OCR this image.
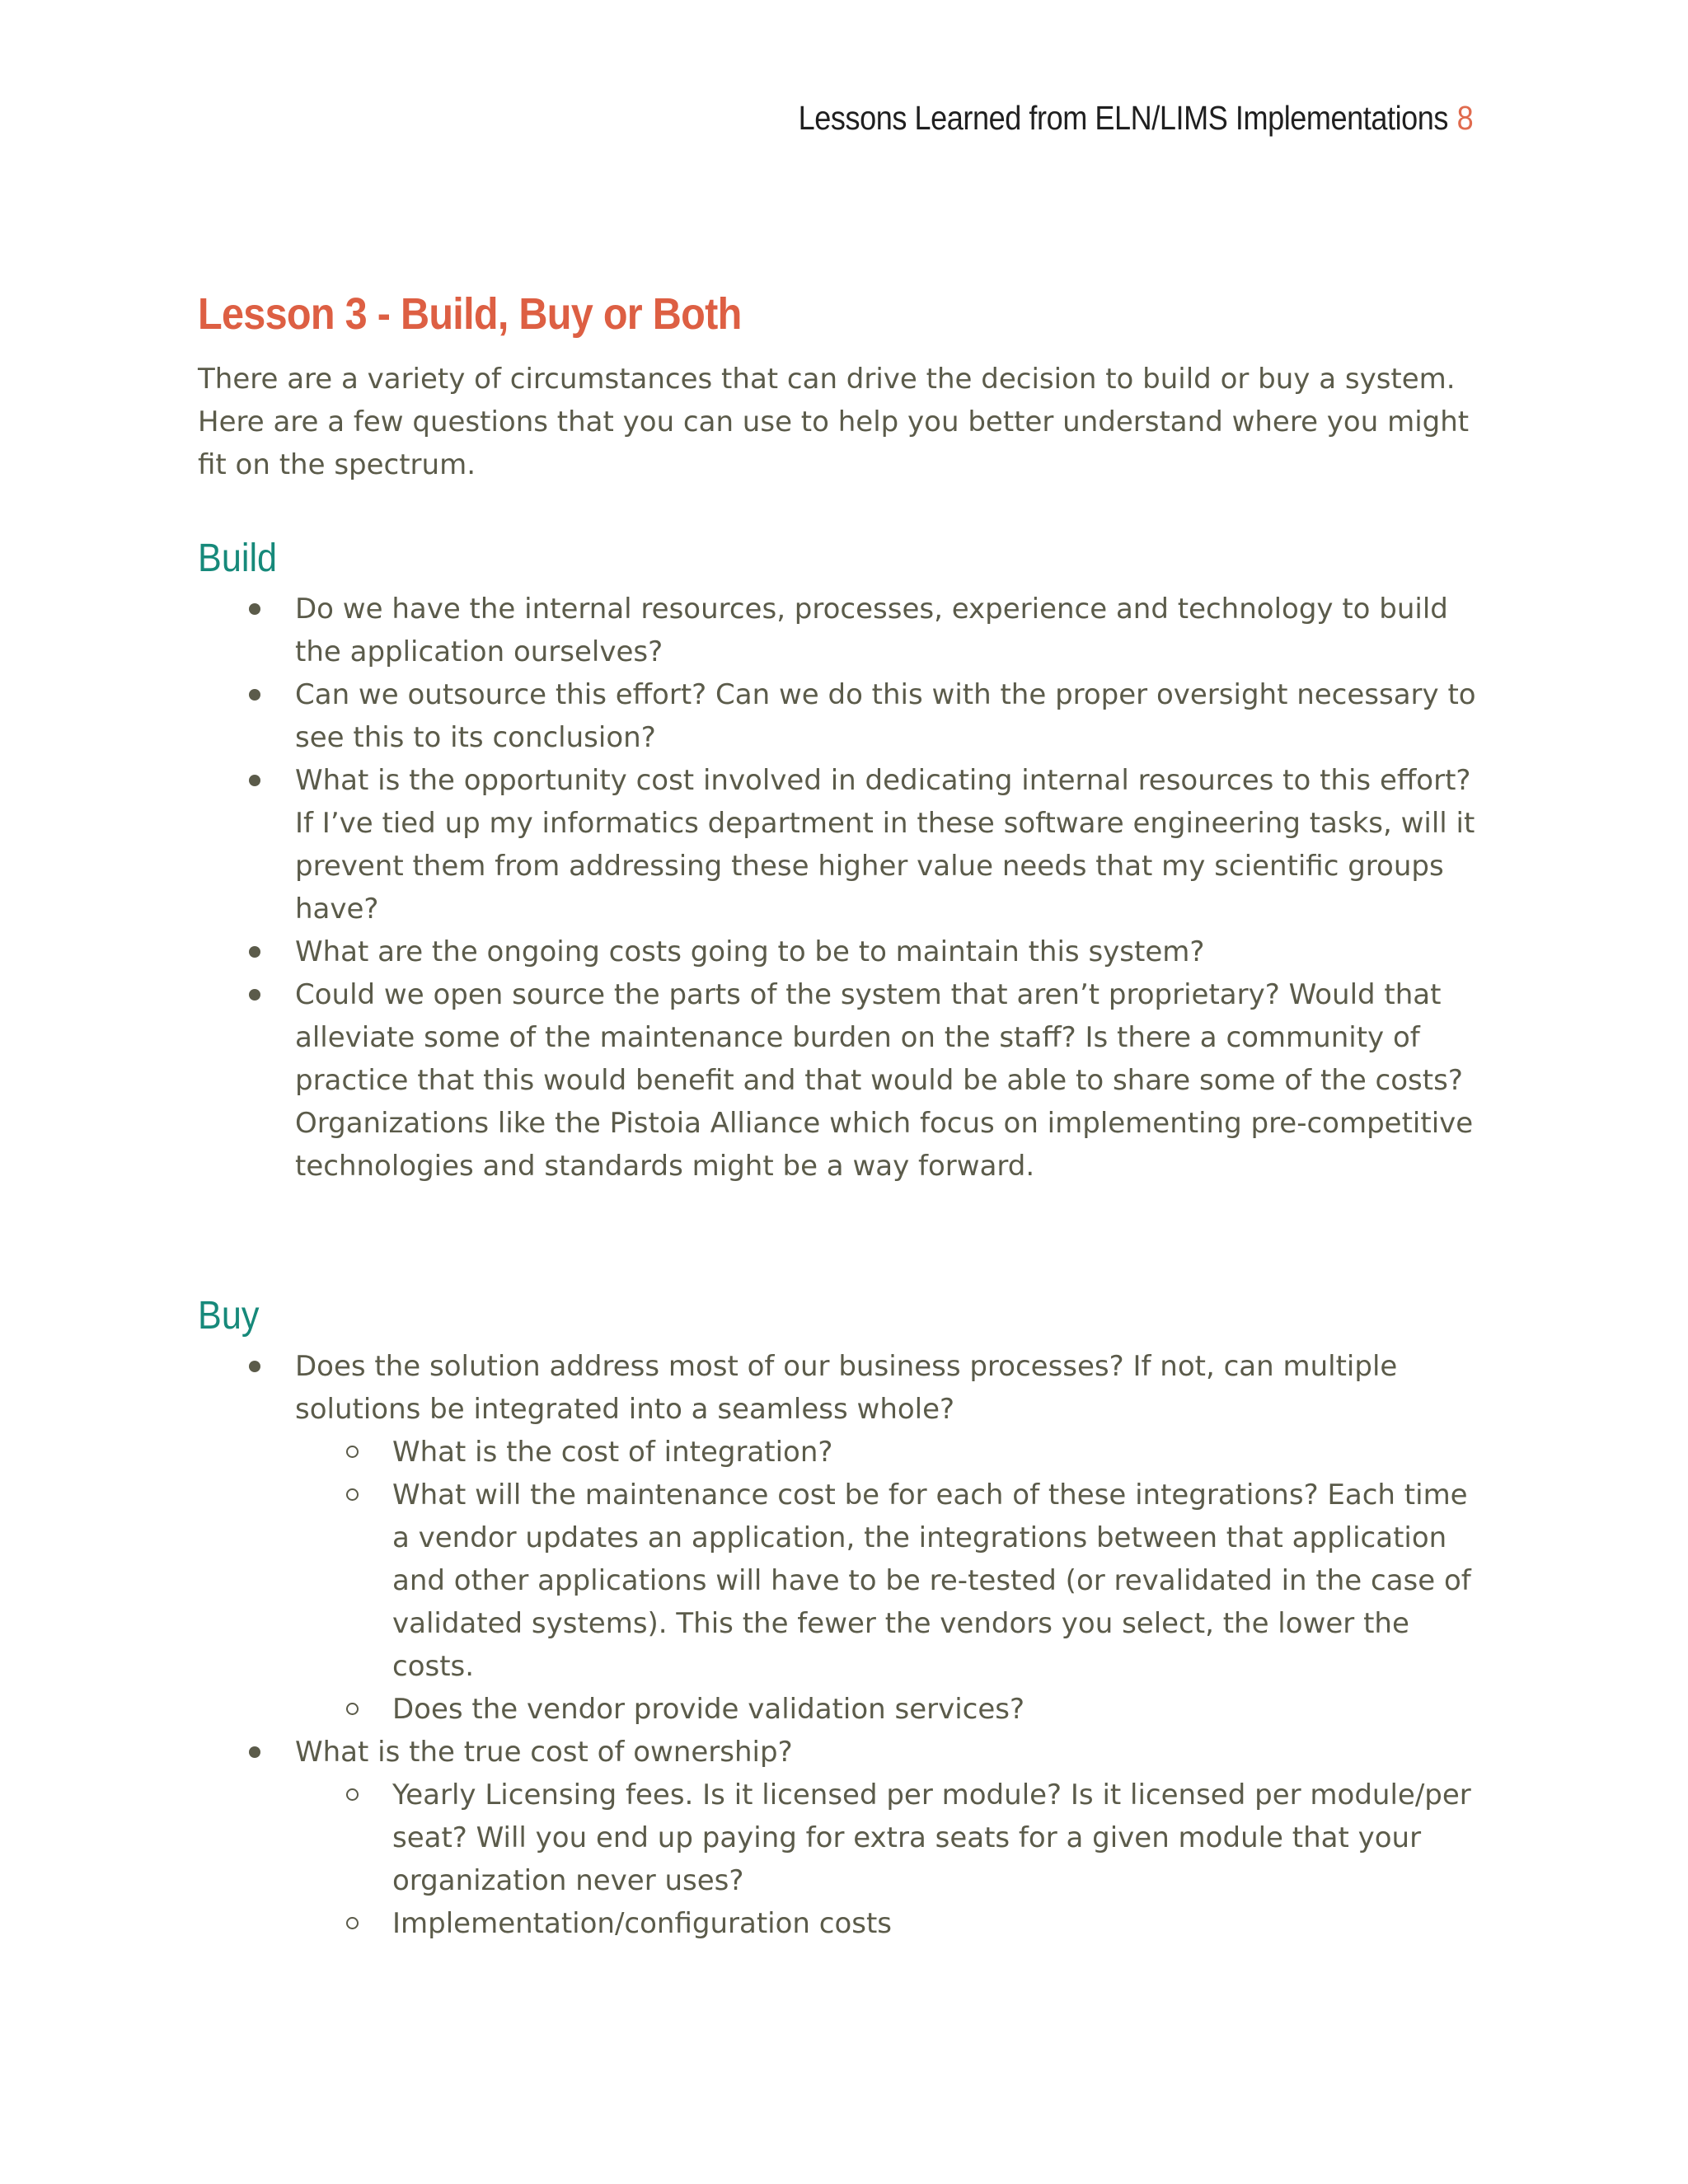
Lessons Learned from ELN/LIMS Implementations 8
Lesson 3 - Build, Buy or Both

There are a variety of circumstances that can drive the decision to build or buy a system. Here are a few questions that you can use to help you better understand where you might fit on the spectrum.

Build
Do we have the internal resources, processes, experience and technology to build the application ourselves?
Can we outsource this effort? Can we do this with the proper oversight necessary to see this to its conclusion?
What is the opportunity cost involved in dedicating internal resources to this effort? If I’ve tied up my informatics department in these software engineering tasks, will it prevent them from addressing these higher value needs that my scientific groups have?
What are the ongoing costs going to be to maintain this system?
Could we open source the parts of the system that aren’t proprietary? Would that alleviate some of the maintenance burden on the staff? Is there a community of practice that this would benefit and that would be able to share some of the costs? Organizations like the Pistoia Alliance which focus on implementing pre-competitive technologies and standards might be a way forward.
Buy
Does the solution address most of our business processes? If not, can multiple solutions be integrated into a seamless whole?
What is the cost of integration?
What will the maintenance cost be for each of these integrations? Each time a vendor updates an application, the integrations between that application and other applications will have to be re-tested (or revalidated in the case of validated systems). This the fewer the vendors you select, the lower the costs.
Does the vendor provide validation services?
What is the true cost of ownership?
Yearly Licensing fees. Is it licensed per module? Is it licensed per module/per seat? Will you end up paying for extra seats for a given module that your organization never uses?
Implementation/configuration costs
